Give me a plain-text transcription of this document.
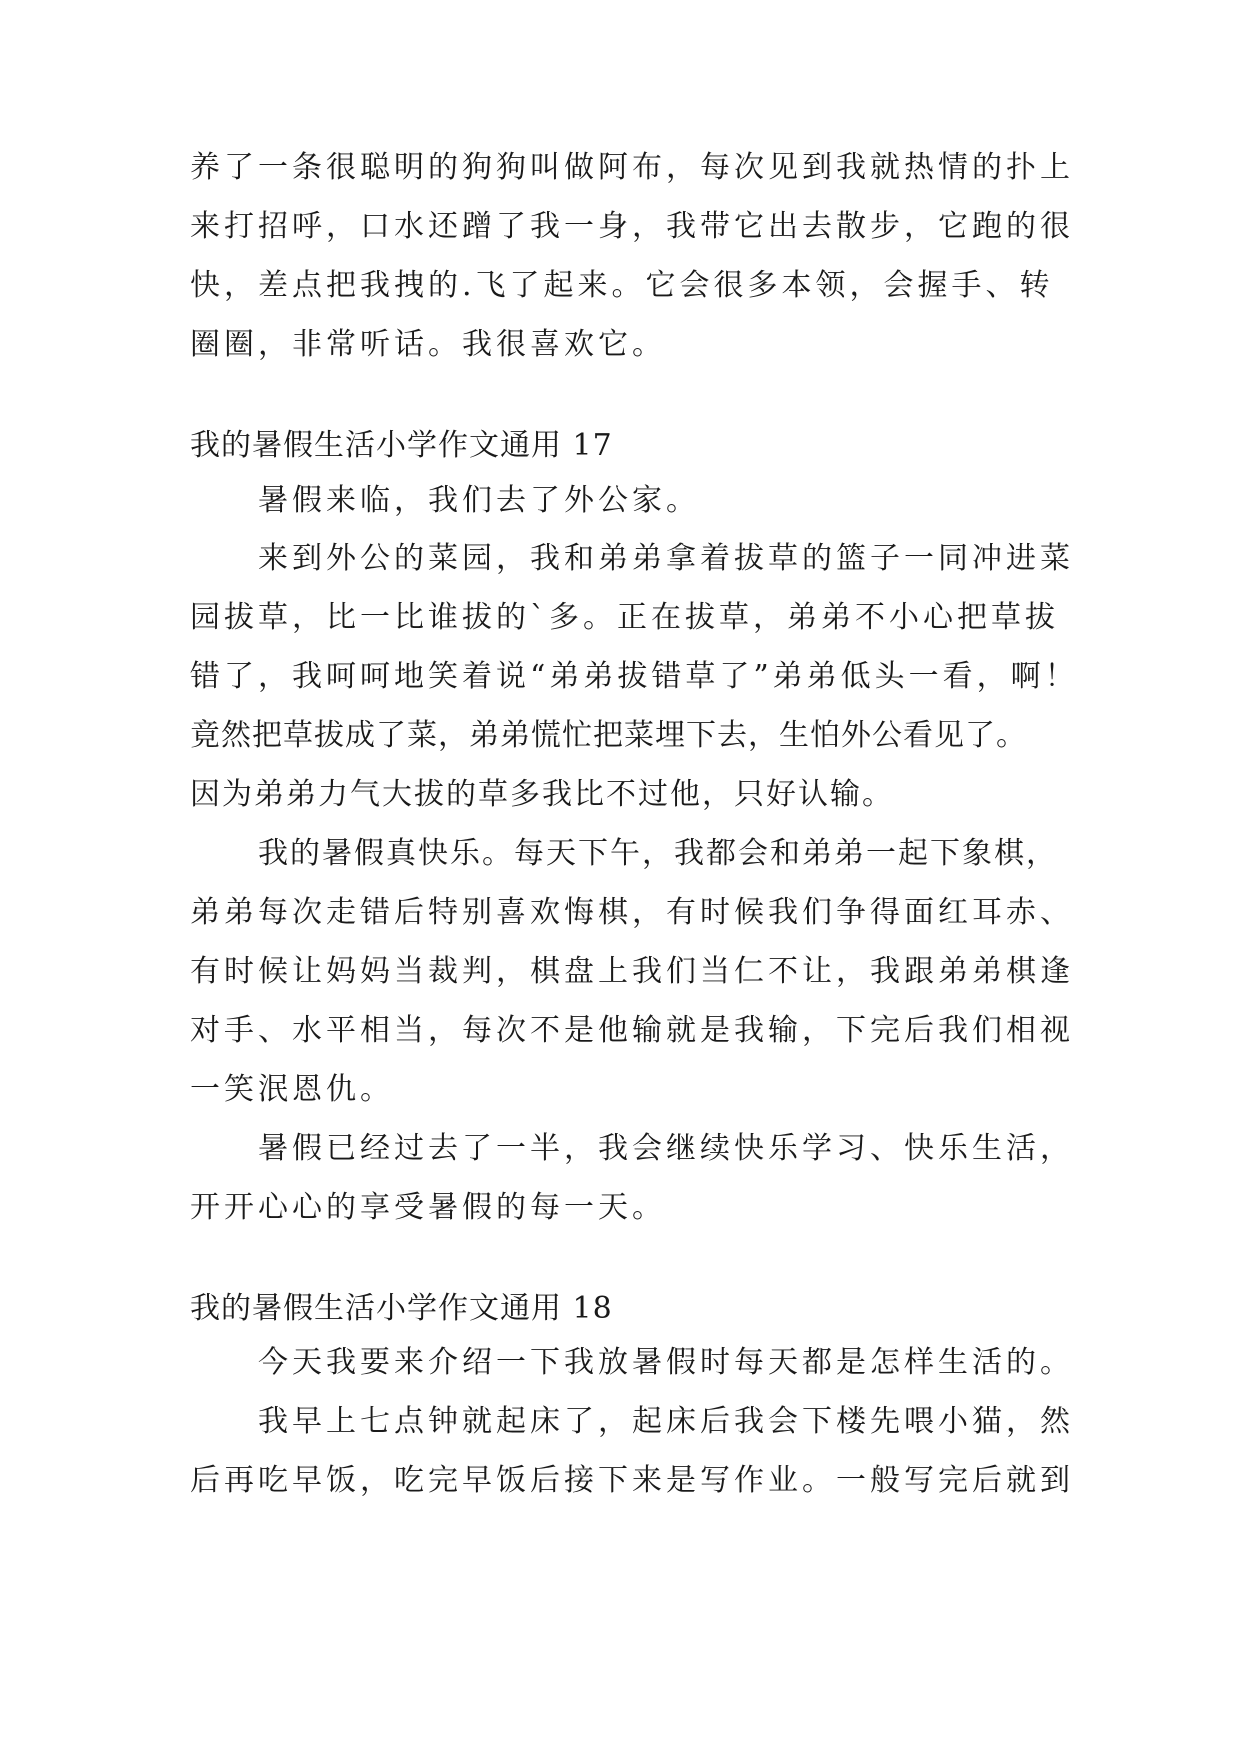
养了一条很聪明的狗狗叫做阿布，每次见到我就热情的扑上
来打招呼，口水还蹭了我一身，我带它出去散步，它跑的很
快，差点把我拽的.飞了起来。它会很多本领，会握手、转
圈圈，非常听话。我很喜欢它。
我的暑假生活小学作文通用 17
暑假来临，我们去了外公家。
来到外公的菜园，我和弟弟拿着拔草的篮子一同冲进菜
园拔草，比一比谁拔的`多。正在拔草，弟弟不小心把草拔
错了，我呵呵地笑着说“弟弟拔错草了”弟弟低头一看，啊！
竟然把草拔成了菜，弟弟慌忙把菜埋下去，生怕外公看见了。
因为弟弟力气大拔的草多我比不过他，只好认输。
我的暑假真快乐。每天下午，我都会和弟弟一起下象棋，
弟弟每次走错后特别喜欢悔棋，有时候我们争得面红耳赤、
有时候让妈妈当裁判，棋盘上我们当仁不让，我跟弟弟棋逢
对手、水平相当，每次不是他输就是我输，下完后我们相视
一笑泯恩仇。
暑假已经过去了一半，我会继续快乐学习、快乐生活，
开开心心的享受暑假的每一天。
我的暑假生活小学作文通用 18
今天我要来介绍一下我放暑假时每天都是怎样生活的。
我早上七点钟就起床了，起床后我会下楼先喂小猫，然
后再吃早饭，吃完早饭后接下来是写作业。一般写完后就到
